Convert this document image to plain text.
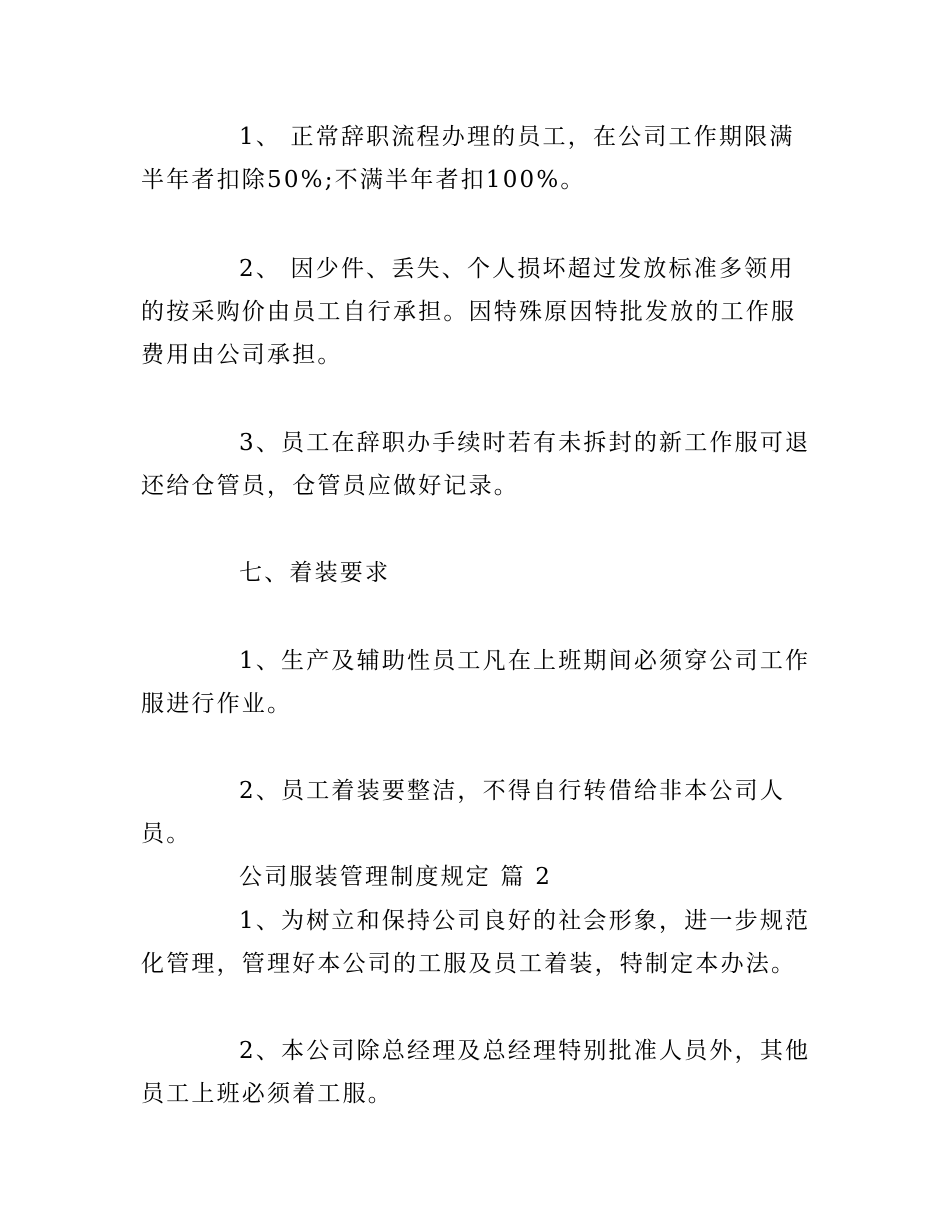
1、 正常辞职流程办理的员工，在公司工作期限满半年者扣除50%;不满半年者扣100%。
2、 因少件、丢失、个人损坏超过发放标准多领用的按采购价由员工自行承担。因特殊原因特批发放的工作服费用由公司承担。
3、员工在辞职办手续时若有未拆封的新工作服可退还给仓管员，仓管员应做好记录。
七、着装要求
1、生产及辅助性员工凡在上班期间必须穿公司工作服进行作业。
2、员工着装要整洁，不得自行转借给非本公司人员。
公司服装管理制度规定 篇 2
1、为树立和保持公司良好的社会形象，进一步规范化管理，管理好本公司的工服及员工着装，特制定本办法。
2、本公司除总经理及总经理特别批准人员外，其他员工上班必须着工服。
